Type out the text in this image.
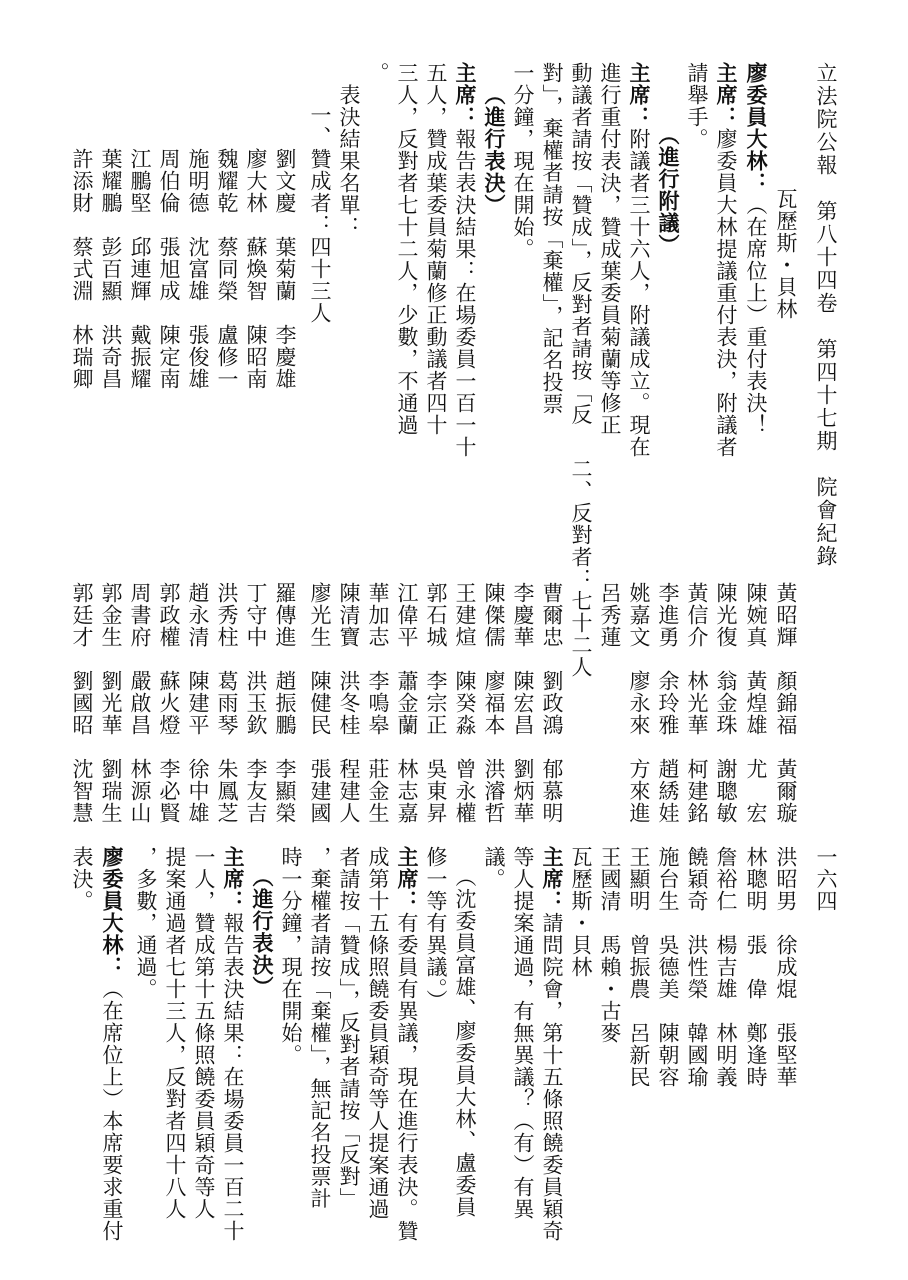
立法院公報　第八十四卷　第四十七期　院會紀錄
一六四
洪昭男　徐成焜　張堅華
林聰明　張　偉　鄭逢時
詹裕仁　楊吉雄　林明義
饒穎奇　洪性榮　韓國瑜
施台生　吳德美　陳朝容
王顯明　曾振農　呂新民
王國清　馬賴・古麥
瓦歷斯・貝林
瓦歷斯・貝林
廖委員大林：（在席位上）重付表決！
主席：廖委員大林提議重付表決，附議者
請舉手。
（進行附議）
主席：附議者三十六人，附議成立。現在
進行重付表決，贊成葉委員菊蘭等修正
動議者請按「贊成」，反對者請按「反
對」，棄權者請按「棄權」，記名投票
一分鐘，現在開始。
（進行表決）
主席：報告表決結果：在場委員一百一十
五人，贊成葉委員菊蘭修正動議者四十
三人，反對者七十二人，少數，不通過
。
表決結果名單：
一、贊成者：四十三人
劉文慶　葉菊蘭　李慶雄
廖大林　蘇煥智　陳昭南
魏耀乾　蔡同榮　盧修一
施明德　沈富雄　張俊雄
周伯倫　張旭成　陳定南
江鵬堅　邱連輝　戴振耀
葉耀鵬　彭百顯　洪奇昌
許添財　蔡式淵　林瑞卿
二、反對者：七十二人
黃昭輝　顏錦福　黃爾璇
陳婉真　黃煌雄　尤　宏
陳光復　翁金珠　謝聰敏
黃信介　林光華　柯建銘
李進勇　余玲雅　趙綉娃
姚嘉文　廖永來　方來進
呂秀蓮
曹爾忠　劉政鴻　郁慕明
李慶華　陳宏昌　劉炳華
陳傑儒　廖福本　洪濬哲
王建煊　陳癸淼　曾永權
郭石城　李宗正　吳東昇
江偉平　蕭金蘭　林志嘉
華加志　李鳴皋　莊金生
陳清寶　洪冬桂　程建人
廖光生　陳健民　張建國
羅傳進　趙振鵬　李顯榮
丁守中　洪玉欽　李友吉
洪秀柱　葛雨琴　朱鳳芝
趙永清　陳建平　徐中雄
郭政權　蘇火燈　李必賢
周書府　嚴啟昌　林源山
郭金生　劉光華　劉瑞生
郭廷才　劉國昭　沈智慧
主席：請問院會，第十五條照饒委員穎奇
等人提案通過，有無異議？（有）有異
議。
（沈委員富雄、廖委員大林、盧委員
修一等有異議。）
主席：有委員有異議，現在進行表決。贊
成第十五條照饒委員穎奇等人提案通過
者請按「贊成」，反對者請按「反對」
，棄權者請按「棄權」，無記名投票計
時一分鐘，現在開始。
（進行表決）
主席：報告表決結果：在場委員一百二十
一人，贊成第十五條照饒委員穎奇等人
提案通過者七十三人，反對者四十八人
，多數，通過。
廖委員大林：（在席位上）本席要求重付
表決。
